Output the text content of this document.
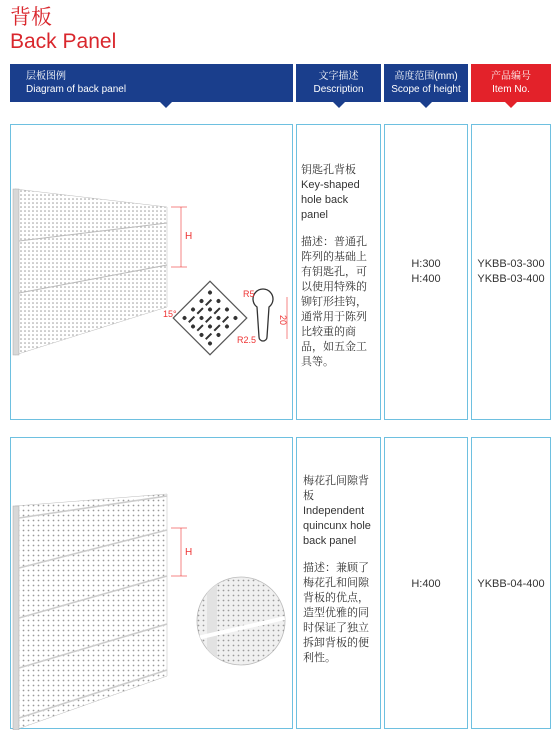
背板
Back Panel
层板图例
Diagram of back panel
文字描述
Description
高度范围(mm)
Scope of height
产品编号
Item No.
H
15°
20
R5
R2.5

钥匙孔背板

Key-shaped hole back panel

描述：普通孔阵列的基础上有钥匙孔，可以使用特殊的铆钉形挂钩，通常用于陈列比较重的商品，如五金工具等。

H:300
H:400
YKBB-03-300
YKBB-03-400
H

梅花孔间隙背板

Independent quincunx hole back panel

描述：兼顾了梅花孔和间隙背板的优点，造型优雅的同时保证了独立拆卸背板的便利性。

H:400	YKBB-04-400
